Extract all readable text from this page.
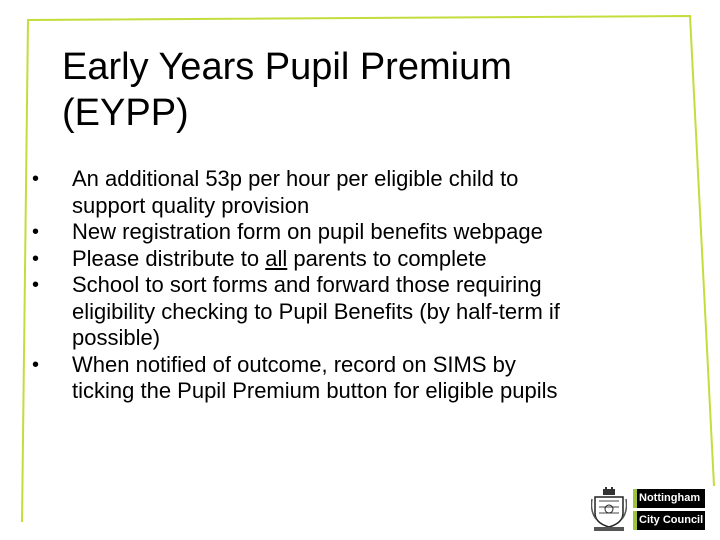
Early Years Pupil Premium
(EYPP)
• An additional 53p per hour per eligible child to
support quality provision
• New registration form on pupil benefits webpage
• Please distribute to all parents to complete
• School to sort forms and forward those requiring
eligibility checking to Pupil Benefits (by half-term if
possible)
• When notified of outcome, record on SIMS by
ticking the Pupil Premium button for eligible pupils
Nottingham
City Council
